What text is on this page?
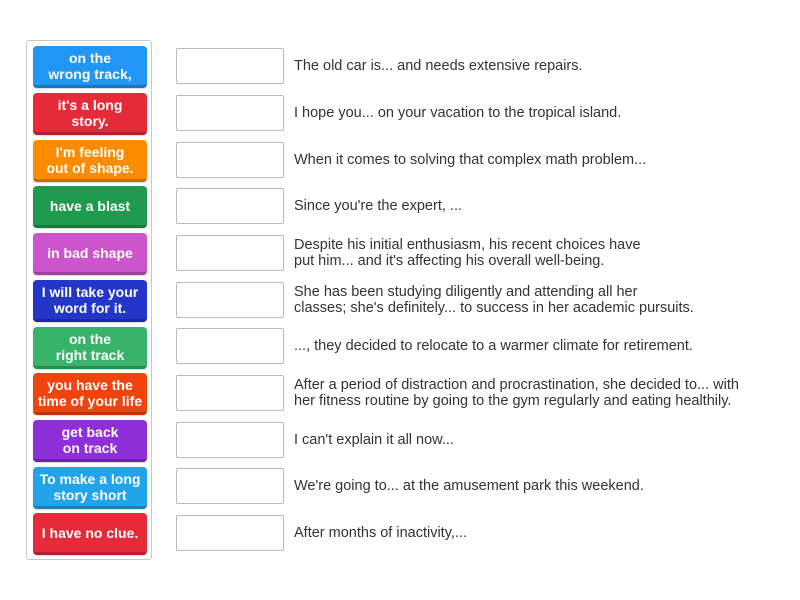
on the
wrong track,
it's a long
story.
I'm feeling
out of shape.
have a blast
in bad shape
I will take your
word for it.
on the
right track
you have the
time of your life
get back
on track
To make a long
story short
I have no clue.
The old car is... and needs extensive repairs.
I hope you... on your vacation to the tropical island.
When it comes to solving that complex math problem...
Since you're the expert, ...
Despite his initial enthusiasm, his recent choices have
put him... and it's affecting his overall well-being.
She has been studying diligently and attending all her
classes; she's definitely... to success in her academic pursuits.
..., they decided to relocate to a warmer climate for retirement.
After a period of distraction and procrastination, she decided to... with
her fitness routine by going to the gym regularly and eating healthily.
I can't explain it all now...
We're going to... at the amusement park this weekend.
After months of inactivity,...
